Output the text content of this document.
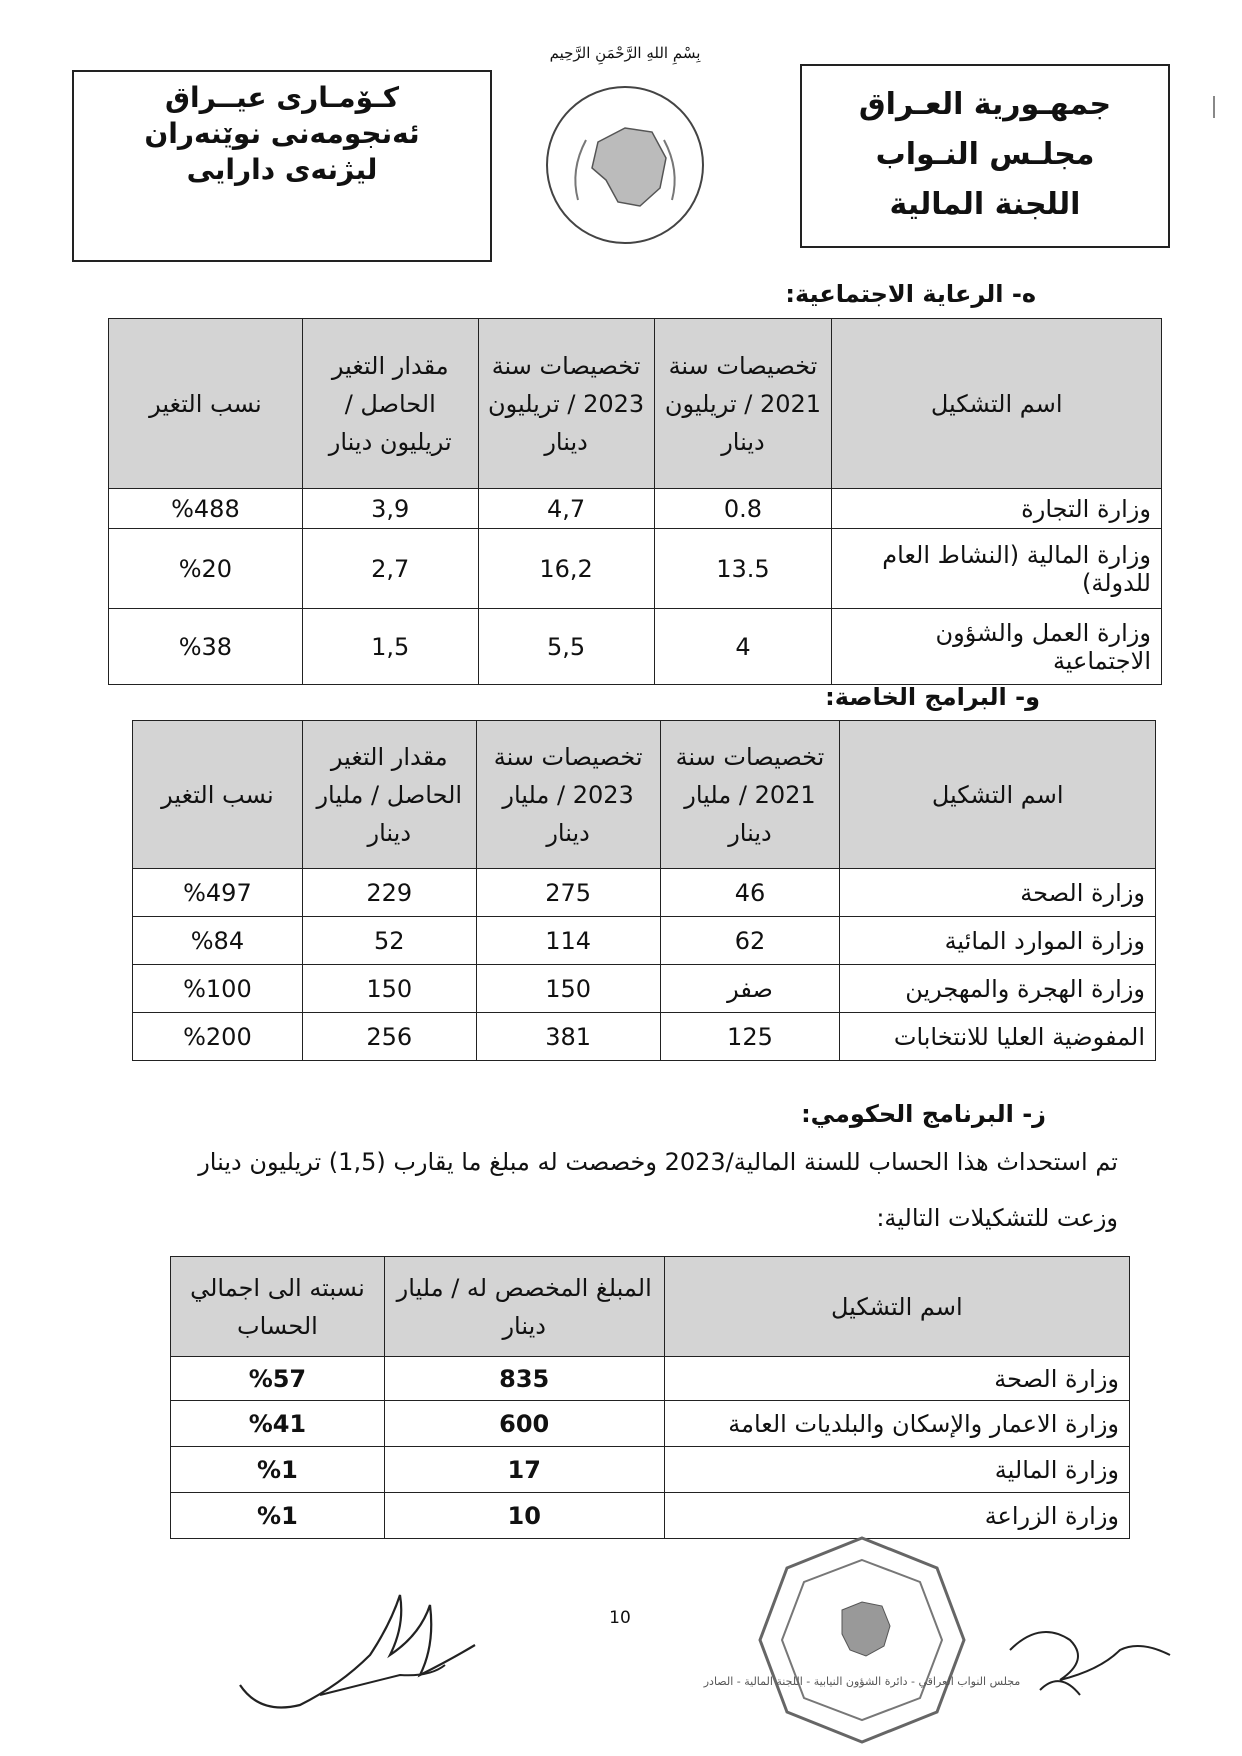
جمهـورية العـراق
مجلـس النـواب
اللجنة المالية
كـۆمـارى عيــراق
ئەنجومەنى نوێنەران
لیژنەی دارایی
بِسْمِ اللهِ الرَّحْمَنِ الرَّحِيم
ه- الرعاية الاجتماعية:
اسم التشكيل	تخصيصات سنة 2021 / تريليون دينار	تخصيصات سنة 2023 / تريليون دينار	مقدار التغير الحاصل / تريليون دينار	نسب التغير
وزارة التجارة	0.8	4,7	3,9	%488
وزارة المالية (النشاط العام للدولة)	13.5	16,2	2,7	%20
وزارة العمل والشؤون الاجتماعية	4	5,5	1,5	%38
و- البرامج الخاصة:
اسم التشكيل	تخصيصات سنة 2021 / مليار دينار	تخصيصات سنة 2023 / مليار دينار	مقدار التغير الحاصل / مليار دينار	نسب التغير
وزارة الصحة	46	275	229	%497
وزارة الموارد المائية	62	114	52	%84
وزارة الهجرة والمهجرين	صفر	150	150	%100
المفوضية العليا للانتخابات	125	381	256	%200
ز- البرنامج الحكومي:
تم استحداث هذا الحساب للسنة المالية/2023 وخصصت له مبلغ ما يقارب (1,5) تريليون دينار وزعت للتشكيلات التالية:
اسم التشكيل	المبلغ المخصص له / مليار دينار	نسبته الى اجمالي الحساب
وزارة الصحة	835	%57
وزارة الاعمار والإسكان والبلديات العامة	600	%41
وزارة المالية	17	%1
وزارة الزراعة	10	%1
مجلس النواب العراقي - دائرة الشؤون النيابية - اللجنة المالية - الصادر
10
